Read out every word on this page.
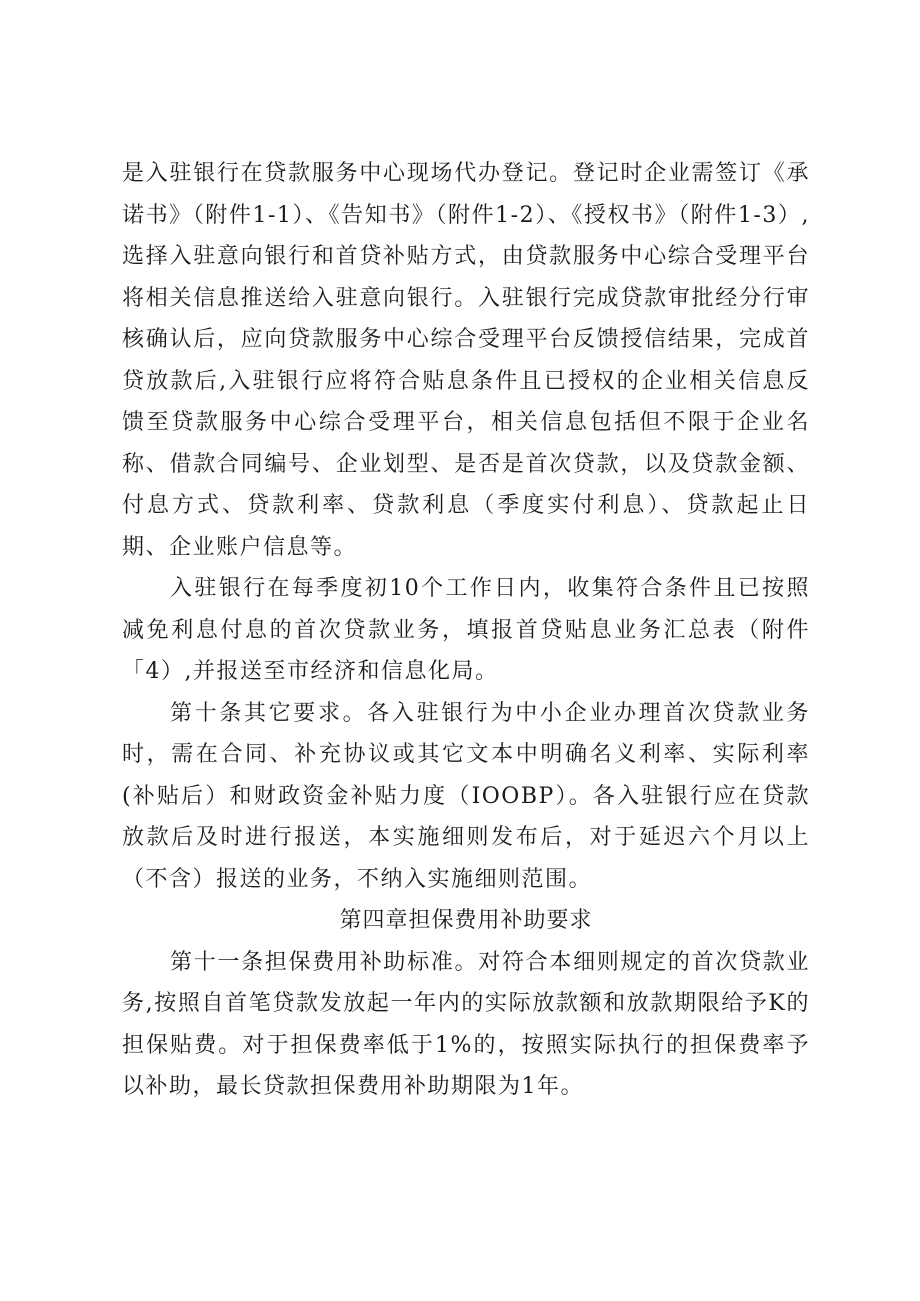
是入驻银行在贷款服务中心现场代办登记。登记时企业需签订《承诺书》（附件1-1）、《告知书》（附件1-2）、《授权书》（附件1-3）,选择入驻意向银行和首贷补贴方式，由贷款服务中心综合受理平台将相关信息推送给入驻意向银行。入驻银行完成贷款审批经分行审核确认后，应向贷款服务中心综合受理平台反馈授信结果，完成首贷放款后,入驻银行应将符合贴息条件且已授权的企业相关信息反馈至贷款服务中心综合受理平台，相关信息包括但不限于企业名称、借款合同编号、企业划型、是否是首次贷款，以及贷款金额、付息方式、贷款利率、贷款利息（季度实付利息）、贷款起止日期、企业账户信息等。

入驻银行在每季度初10个工作日内，收集符合条件且已按照减免利息付息的首次贷款业务，填报首贷贴息业务汇总表（附件「4）,并报送至市经济和信息化局。

第十条其它要求。各入驻银行为中小企业办理首次贷款业务时，需在合同、补充协议或其它文本中明确名义利率、实际利率(补贴后）和财政资金补贴力度（IOOBP）。各入驻银行应在贷款放款后及时进行报送，本实施细则发布后，对于延迟六个月以上（不含）报送的业务，不纳入实施细则范围。

第四章担保费用补助要求

第十一条担保费用补助标准。对符合本细则规定的首次贷款业务,按照自首笔贷款发放起一年内的实际放款额和放款期限给予K的担保贴费。对于担保费率低于1%的，按照实际执行的担保费率予以补助，最长贷款担保费用补助期限为1年。
